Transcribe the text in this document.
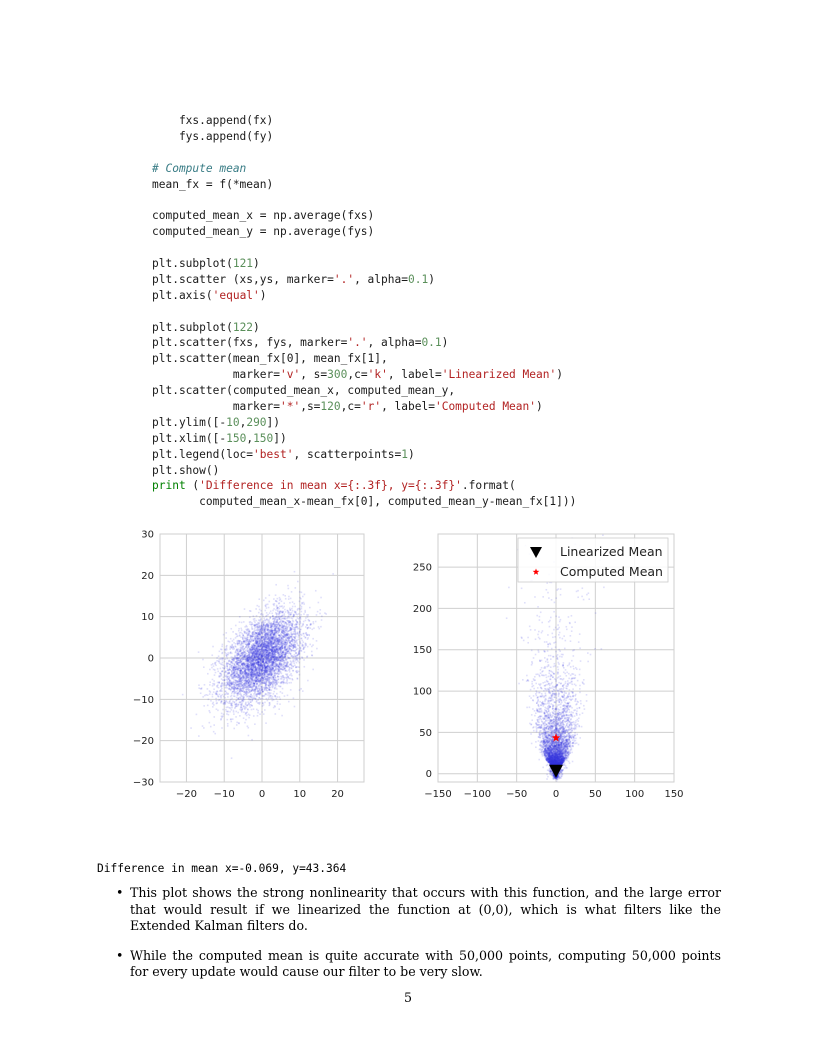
fxs.append(fx)
fys.append(fy)

# Compute mean
mean_fx = f(*mean)

computed_mean_x = np.average(fxs)
computed_mean_y = np.average(fys)

plt.subplot(121)
plt.scatter (xs,ys, marker='.', alpha=0.1)
plt.axis('equal')

plt.subplot(122)
plt.scatter(fxs, fys, marker='.', alpha=0.1)
plt.scatter(mean_fx[0], mean_fx[1],
marker='v', s=300,c='k', label='Linearized Mean')
plt.scatter(computed_mean_x, computed_mean_y,
marker='*',s=120,c='r', label='Computed Mean')
plt.ylim([-10,290])
plt.xlim([-150,150])
plt.legend(loc='best', scatterpoints=1)
plt.show()
print ('Difference in mean x={:.3f}, y={:.3f}'.format(
computed_mean_x-mean_fx[0], computed_mean_y-mean_fx[1]))
−20 −10 0	10	20
30
20
10
0
−10
−20
−30
−150 −100 −50	0	50 100 150
250
200
150
100
50
0
Linearized Mean
Computed Mean
Difference in mean x=-0.069, y=43.364
• This plot shows the strong nonlinearity that occurs with this function, and the large error that would result if we linearized the function at (0,0), which is what filters like the Extended Kalman filters do.
• While the computed mean is quite accurate with 50,000 points, computing 50,000 points for every update would cause our filter to be very slow.
5
